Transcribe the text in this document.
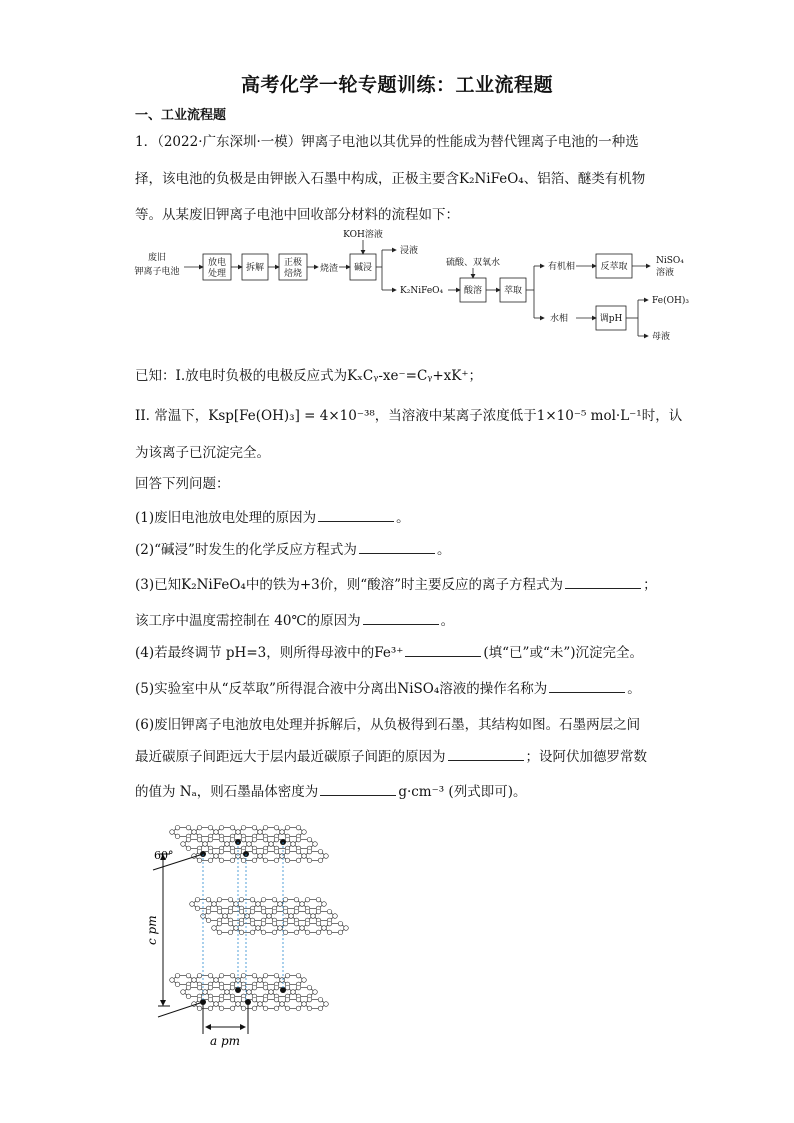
高考化学一轮专题训练：工业流程题
一、工业流程题
1．（2022·广东深圳·一模）钾离子电池以其优异的性能成为替代锂离子电池的一种选
择，该电池的负极是由钾嵌入石墨中构成，正极主要含K₂NiFeO₄、铝箔、醚类有机物
等。从某废旧钾离子电池中回收部分材料的流程如下：
废旧
钾离子电池
放电
处理
拆解 正极
焙烧 烧渣
KOH溶液
碱浸
浸液
K₂NiFeO₄
硫酸、双氧水
酸溶 萃取
有机相
水相
反萃取
调pH
NiSO₄
溶液
Fe(OH)₃
母液
已知：I.放电时负极的电极反应式为KₓCᵧ-xe⁻=Cᵧ+xK⁺；
II. 常温下，Ksp[Fe(OH)₃] = 4×10⁻³⁸，当溶液中某离子浓度低于1×10⁻⁵ mol·L⁻¹时，认
为该离子已沉淀完全。
回答下列问题：
(1)废旧电池放电处理的原因为	。
(2)“碱浸”时发生的化学反应方程式为	。
(3)已知K₂NiFeO₄中的铁为+3价，则“酸溶”时主要反应的离子方程式为	；
该工序中温度需控制在 40℃的原因为	。
(4)若最终调节 pH=3，则所得母液中的Fe³⁺	(填“已”或“未”)沉淀完全。
(5)实验室中从“反萃取”所得混合液中分离出NiSO₄溶液的操作名称为	。
(6)废旧钾离子电池放电处理并拆解后，从负极得到石墨，其结构如图。石墨两层之间
最近碳原子间距远大于层内最近碳原子间距的原因为	；设阿伏加德罗常数
的值为 Nₐ，则石墨晶体密度为	g·cm⁻³ (列式即可)。
60°
c pm
a pm
